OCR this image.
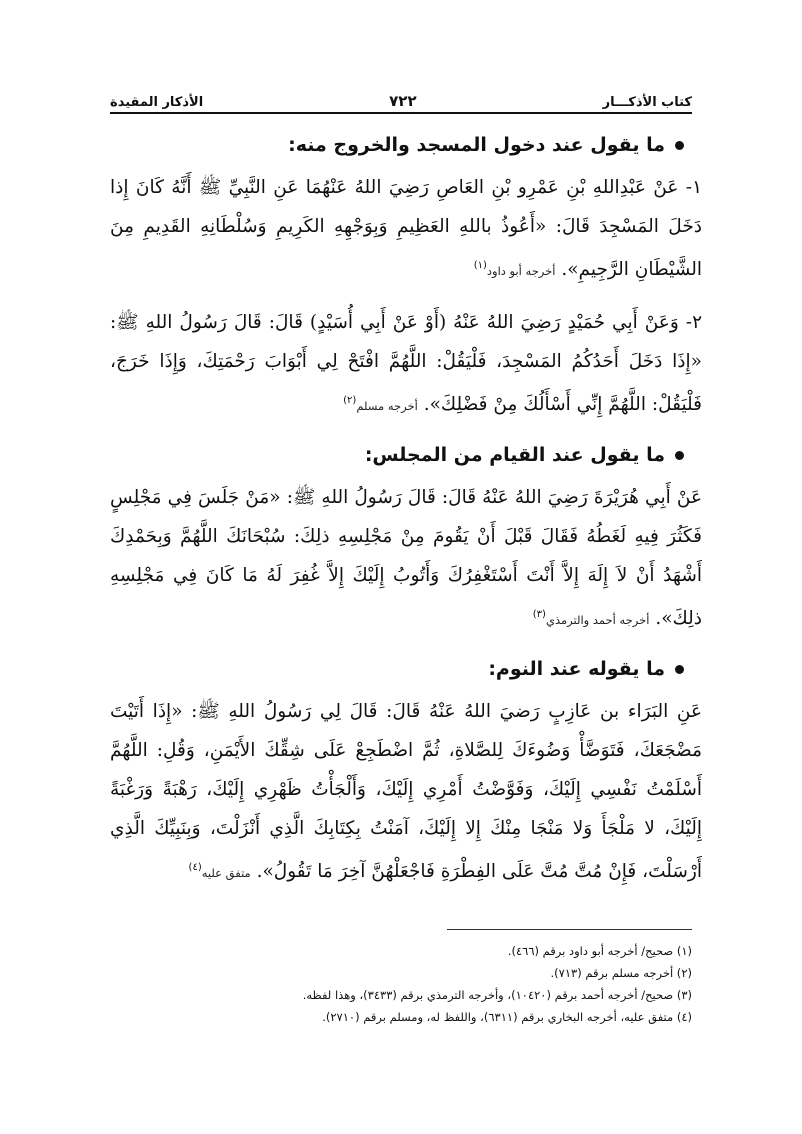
كتاب الأذكـــار
٧٢٢
الأذكار المقيدة
ما يقول عند دخول المسجد والخروج منه:

١- عَنْ عَبْدِاللهِ بْنِ عَمْرِو بْنِ العَاصِ رَضِيَ اللهُ عَنْهُمَا عَنِ النَّبِيِّ ﷺ أَنَّهُ كَانَ إِذا دَخَلَ المَسْجِدَ قَالَ: «أَعُوذُ باللهِ العَظِيمِ وَبِوَجْهِهِ الكَرِيمِ وَسُلْطَانِهِ القَدِيمِ مِنَ الشَّيْطَانِ الرَّجِيمِ». أخرجه أبو داود$^{(١)}$

٢- وَعَنْ أَبِي حُمَيْدٍ رَضِيَ اللهُ عَنْهُ (أَوْ عَنْ أَبِي أُسَيْدٍ) قَالَ: قَالَ رَسُولُ اللهِ ﷺ: «إِذَا دَخَلَ أَحَدُكُمُ المَسْجِدَ، فَلْيَقُلْ: اللَّهُمَّ افْتَحْ لِي أَبْوَابَ رَحْمَتِكَ، وَإِذَا خَرَجَ، فَلْيَقُلْ: اللَّهُمَّ إِنِّي أَسْأَلُكَ مِنْ فَضْلِكَ». أخرجه مسلم$^{(٢)}$

ما يقول عند القيام من المجلس:

عَنْ أَبِي هُرَيْرَةَ رَضِيَ اللهُ عَنْهُ قَالَ: قَالَ رَسُولُ اللهِ ﷺ: «مَنْ جَلَسَ فِي مَجْلِسٍ فَكَثُرَ فِيهِ لَغَطُهُ فَقَالَ قَبْلَ أَنْ يَقُومَ مِنْ مَجْلِسِهِ ذلِكَ: سُبْحَانَكَ اللَّهُمَّ وَبِحَمْدِكَ أَشْهَدُ أَنْ لاَ إِلَهَ إِلاَّ أَنْتَ أَسْتَغْفِرُكَ وَأَتُوبُ إِلَيْكَ إِلاَّ غُفِرَ لَهُ مَا كَانَ فِي مَجْلِسِهِ ذلِكَ». أخرجه أحمد والترمذي$^{(٣)}$

ما يقوله عند النوم:

عَنِ البَرَاء بن عَازِبٍ رَضيَ اللهُ عَنْهُ قَالَ: قَالَ لِي رَسُولُ اللهِ ﷺ: «إِذَا أَتَيْتَ مَضْجَعَكَ، فَتَوَضَّأْ وَضُوءَكَ لِلصَّلاةِ، ثُمَّ اضْطَجِعْ عَلَى شِقِّكَ الأَيْمَنِ، وَقُلِ: اللَّهُمَّ أَسْلَمْتُ نَفْسِي إِلَيْكَ، وَفَوَّضْتُ أَمْرِي إِلَيْكَ، وَأَلْجَأْتُ ظَهْرِي إِلَيْكَ، رَهْبَةً وَرَغْبَةً إِلَيْكَ، لا مَلْجَأَ وَلا مَنْجَا مِنْكَ إِلا إِلَيْكَ، آمَنْتُ بِكِتَابِكَ الَّذِي أَنْزَلْتَ، وَبِنَبِيِّكَ الَّذِي أَرْسَلْتَ، فَإِنْ مُتَّ مُتَّ عَلَى الفِطْرَةِ فَاجْعَلْهُنَّ آخِرَ مَا تَقُولُ». متفق عليه$^{(٤)}$

(١) صحيح/ أخرجه أبو داود برقم (٤٦٦).
(٢) أخرجه مسلم برقم (٧١٣).
(٣) صحيح/ أخرجه أحمد برقم (١٠٤٢٠)، وأخرجه الترمذي برقم (٣٤٣٣)، وهذا لفظه.
(٤) متفق عليه، أخرجه البخاري برقم (٦٣١١)، واللفظ له، ومسلم برقم (٢٧١٠).
